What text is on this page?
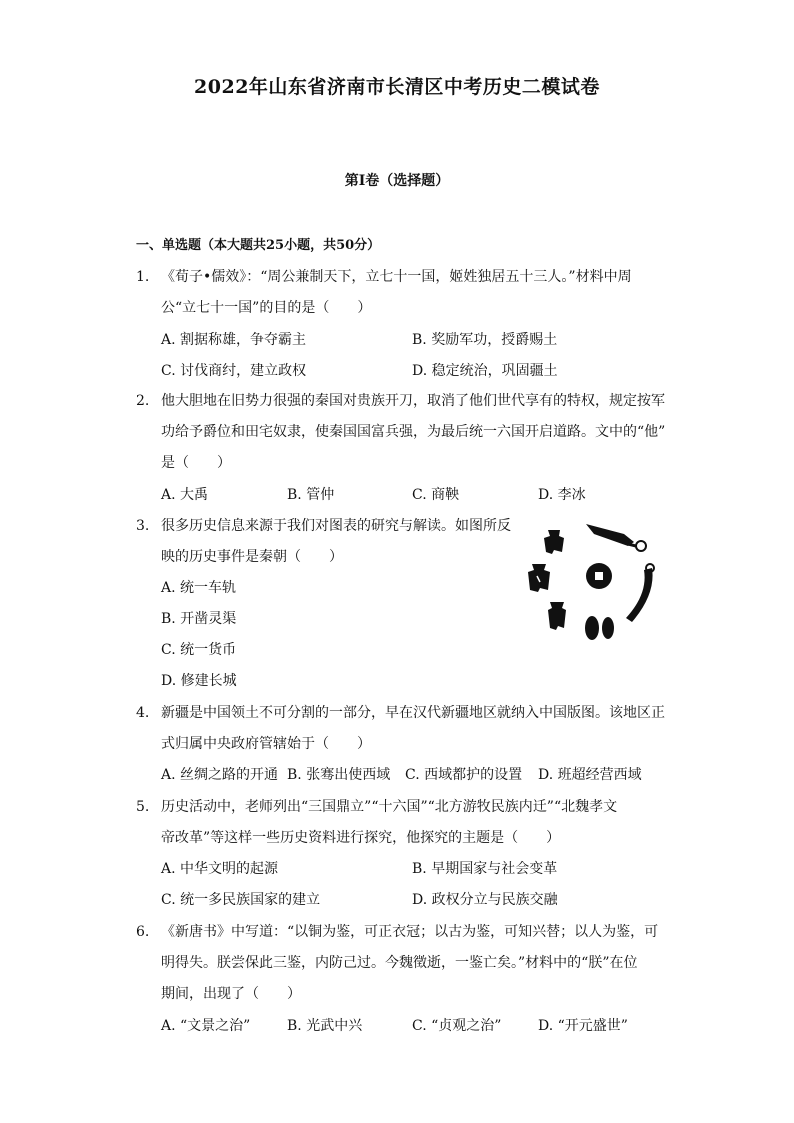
2022年山东省济南市长清区中考历史二模试卷
第Ⅰ卷（选择题）
一、单选题（本大题共25小题，共50分）
1. 《荀子•儒效》：“周公兼制天下，立七十一国，姬姓独居五十三人。”材料中周
公“立七十一国”的目的是（　　）
A. 割据称雄，争夺霸主	B. 奖励军功，授爵赐土
C. 讨伐商纣，建立政权	D. 稳定统治，巩固疆土
2. 他大胆地在旧势力很强的秦国对贵族开刀，取消了他们世代享有的特权，规定按军
功给予爵位和田宅奴隶，使秦国国富兵强，为最后统一六国开启道路。文中的“他”
是（　　）
A. 大禹	B. 管仲	C. 商鞅	D. 李冰
3. 很多历史信息来源于我们对图表的研究与解读。如图所反
映的历史事件是秦朝（　　）
A. 统一车轨
B. 开凿灵渠
C. 统一货币
D. 修建长城
4. 新疆是中国领土不可分割的一部分，早在汉代新疆地区就纳入中国版图。该地区正
式归属中央政府管辖始于（　　）
A. 丝绸之路的开通 B. 张骞出使西域 C. 西域都护的设置 D. 班超经营西域
5. 历史活动中，老师列出“三国鼎立”“十六国”“北方游牧民族内迁”“北魏孝文
帝改革”等这样一些历史资料进行探究，他探究的主题是（　　）
A. 中华文明的起源	B. 早期国家与社会变革
C. 统一多民族国家的建立	D. 政权分立与民族交融
6. 《新唐书》中写道：“以铜为鉴，可正衣冠；以古为鉴，可知兴替；以人为鉴，可
明得失。朕尝保此三鉴，内防己过。今魏徵逝，一鉴亡矣。”材料中的“朕”在位
期间，出现了（　　）
A. “文景之治”	B. 光武中兴	C. “贞观之治”	D. “开元盛世”
